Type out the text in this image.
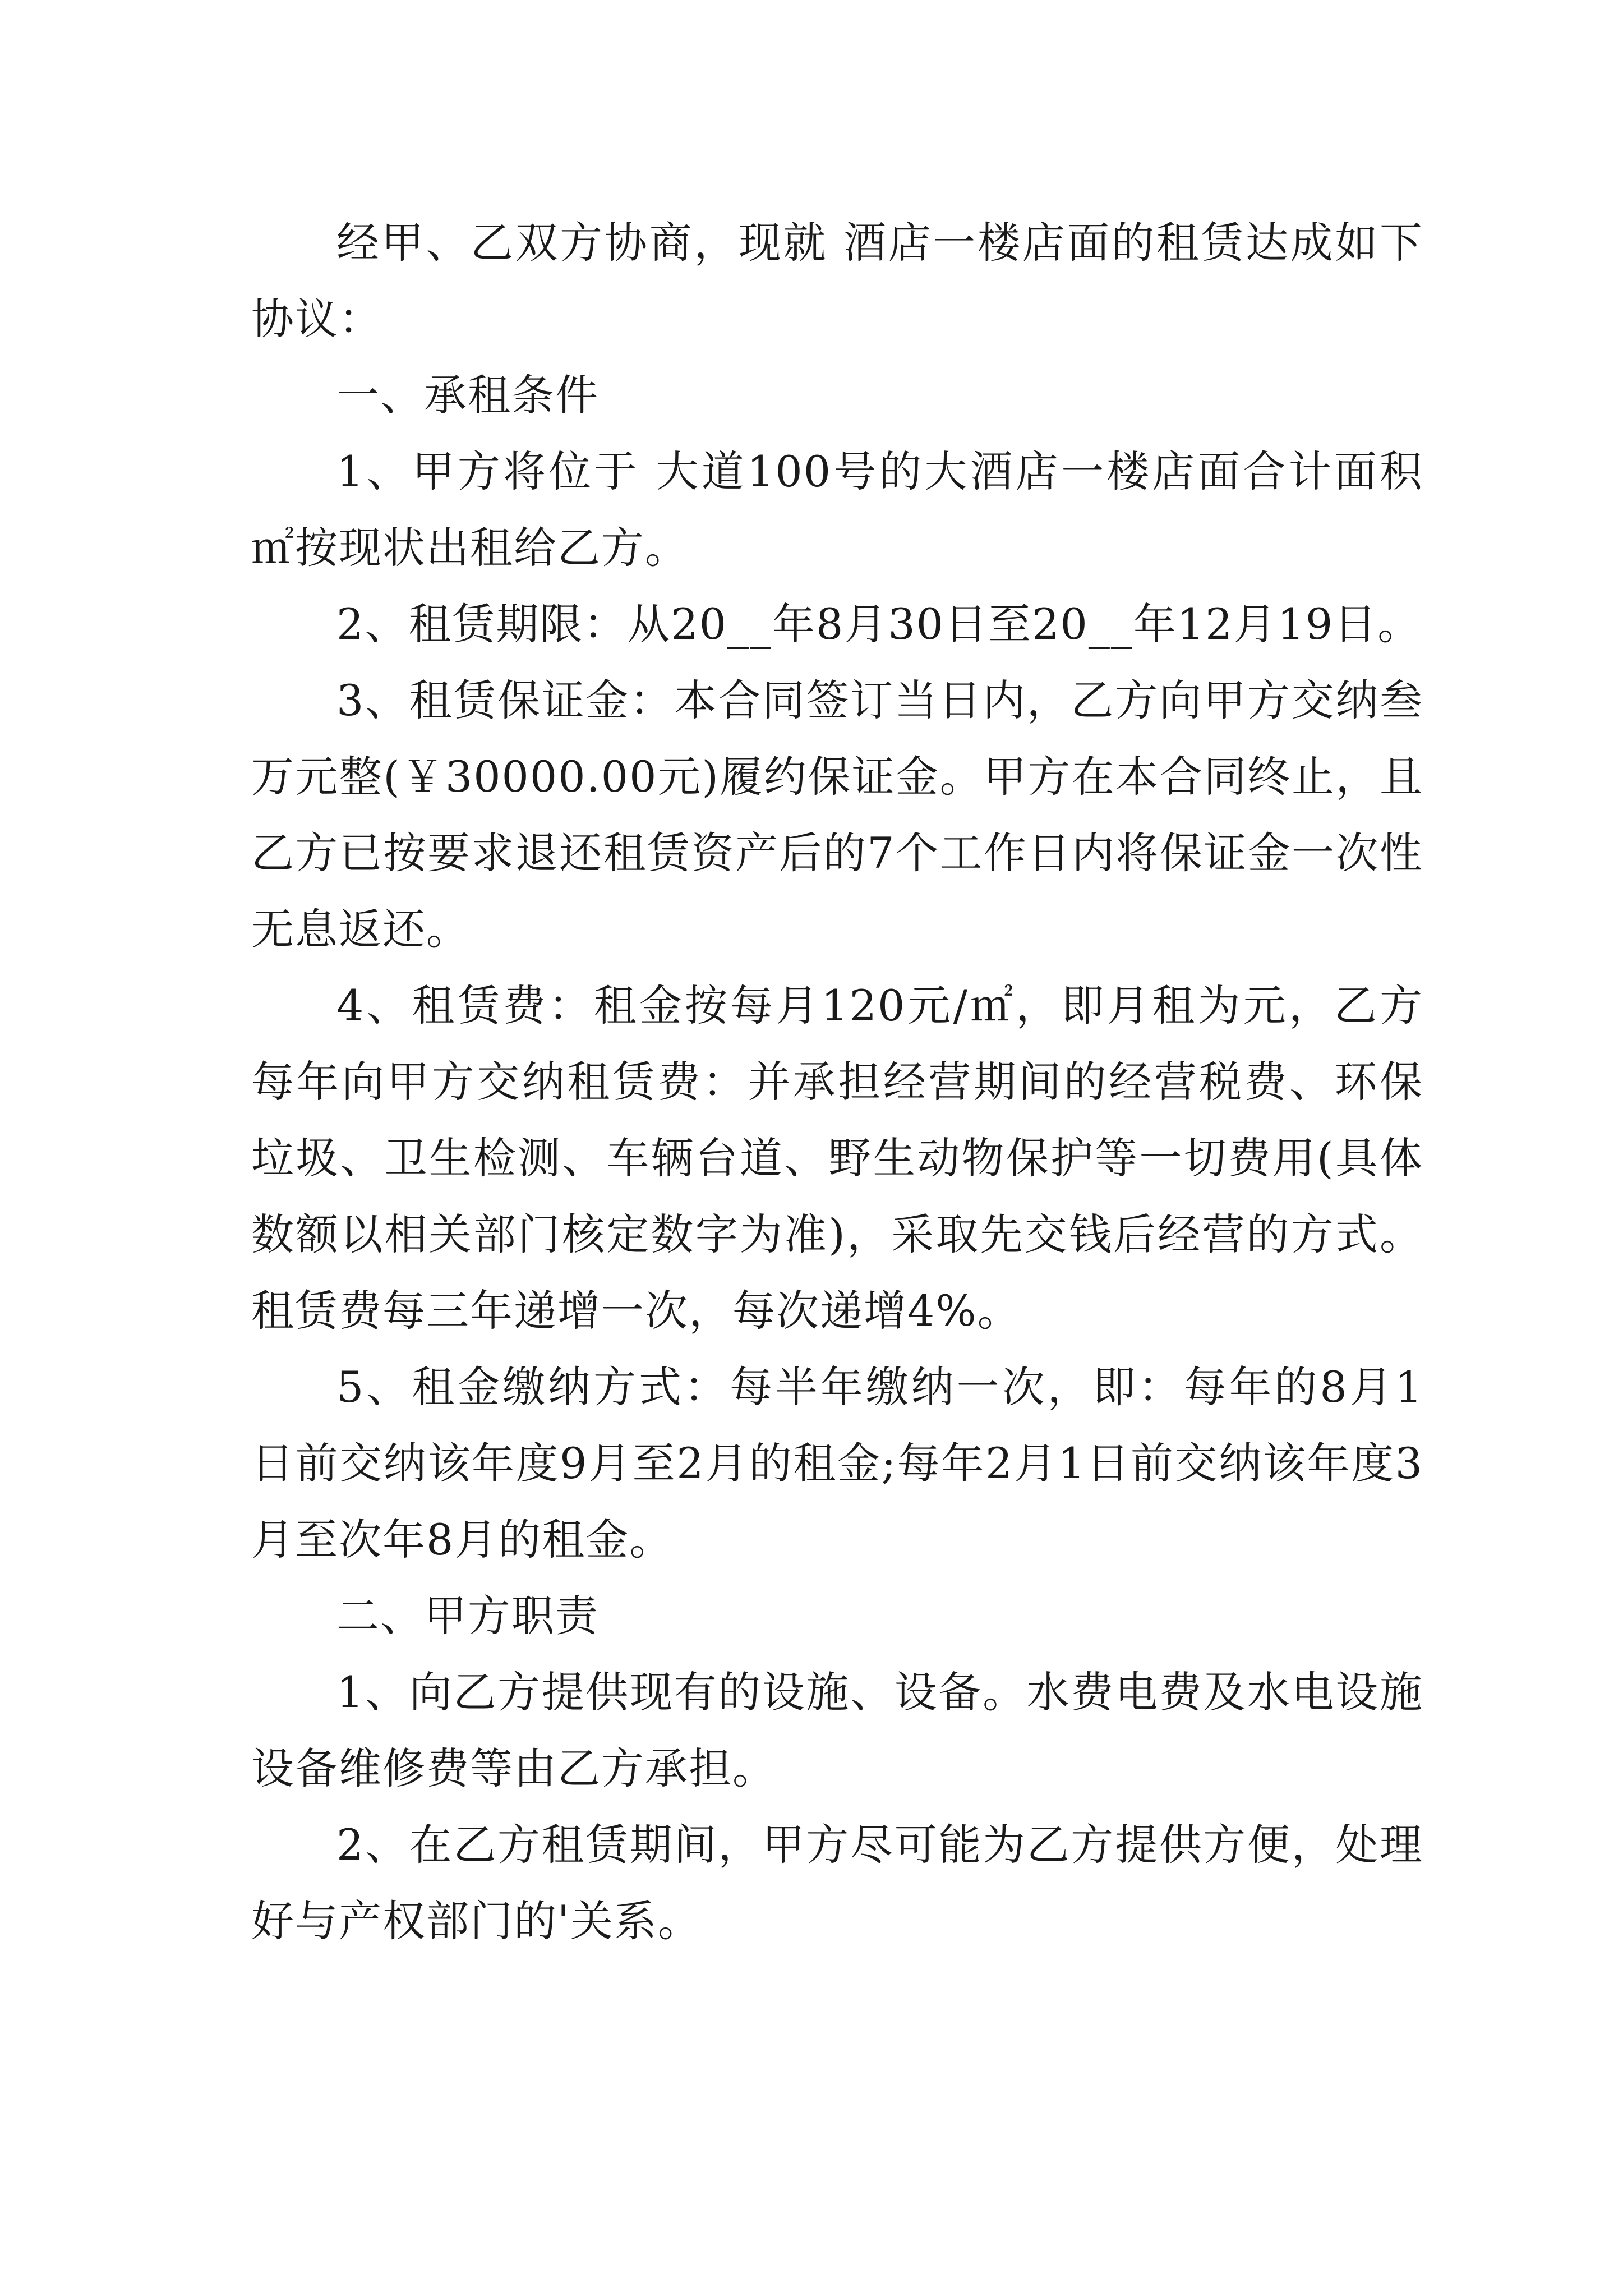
经甲、乙双方协商，现就 酒店一楼店面的租赁达成如下协议：

一、承租条件

1、甲方将位于 大道100号的大酒店一楼店面合计面积㎡按现状出租给乙方。

2、租赁期限：从20__年8月30日至20__年12月19日。

3、租赁保证金：本合同签订当日内，乙方向甲方交纳叁万元整(￥30000.00元)履约保证金。甲方在本合同终止，且乙方已按要求退还租赁资产后的7个工作日内将保证金一次性无息返还。

4、租赁费：租金按每月120元/㎡，即月租为元，乙方每年向甲方交纳租赁费：并承担经营期间的经营税费、环保垃圾、卫生检测、车辆台道、野生动物保护等一切费用(具体数额以相关部门核定数字为准)，采取先交钱后经营的方式。租赁费每三年递增一次，每次递增4%。

5、租金缴纳方式：每半年缴纳一次，即：每年的8月1日前交纳该年度9月至2月的租金;每年2月1日前交纳该年度3月至次年8月的租金。

二、甲方职责

1、向乙方提供现有的设施、设备。水费电费及水电设施设备维修费等由乙方承担。

2、在乙方租赁期间，甲方尽可能为乙方提供方便，处理好与产权部门的'关系。
